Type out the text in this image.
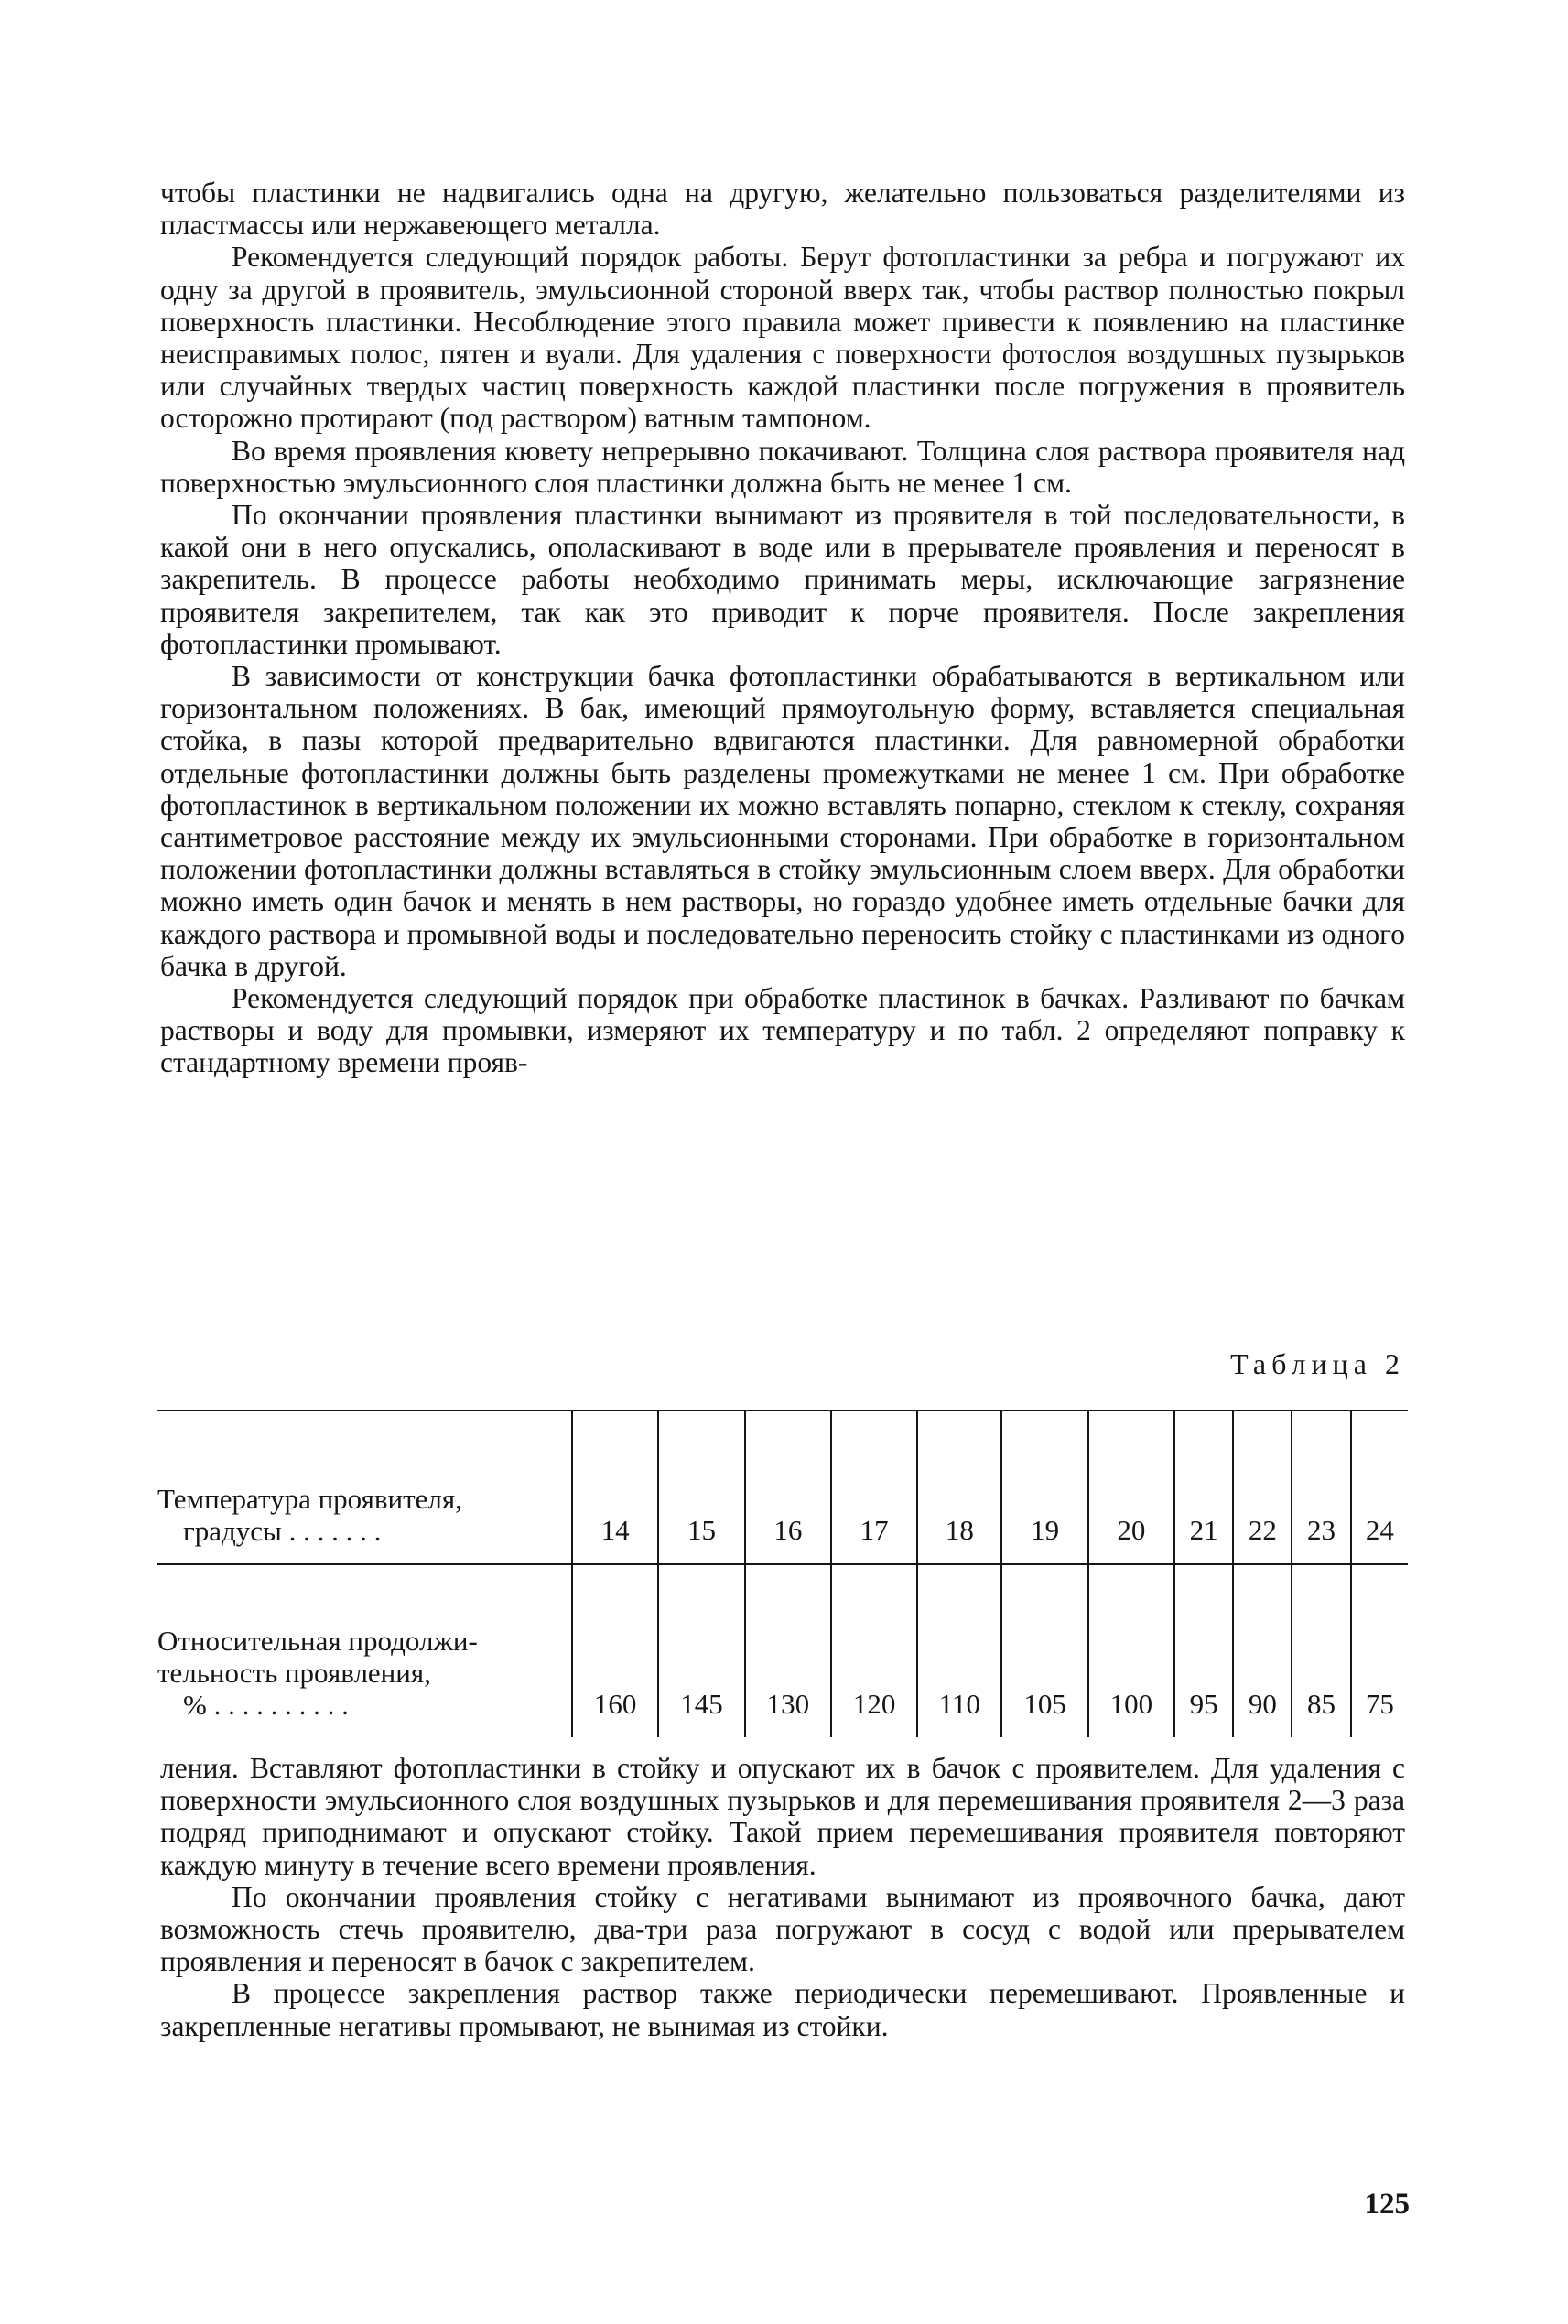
чтобы пластинки не надвигались одна на другую, желательно пользоваться разделителями из пластмассы или нержавеющего металла.

Рекомендуется следующий порядок работы. Берут фотопластинки за ребра и погружают их одну за другой в проявитель, эмульсионной стороной вверх так, чтобы раствор полностью покрыл поверхность пластинки. Несоблюдение этого правила может привести к появлению на пластинке неисправимых полос, пятен и вуали. Для удаления с поверхности фотослоя воздушных пузырьков или случайных твердых частиц поверхность каждой пластинки после погружения в проявитель осторожно протирают (под раствором) ватным тампоном.

Во время проявления кювету непрерывно покачивают. Толщина слоя раствора проявителя над поверхностью эмульсионного слоя пластинки должна быть не менее 1 см.

По окончании проявления пластинки вынимают из проявителя в той последовательности, в какой они в него опускались, ополаскивают в воде или в прерывателе проявления и переносят в закрепитель. В процессе работы необходимо принимать меры, исключающие загрязнение проявителя закрепителем, так как это приводит к порче проявителя. После закрепления фотопластинки промывают.

В зависимости от конструкции бачка фотопластинки обрабатываются в вертикальном или горизонтальном положениях. В бак, имеющий прямоугольную форму, вставляется специальная стойка, в пазы которой предварительно вдвигаются пластинки. Для равномерной обработки отдельные фотопластинки должны быть разделены промежутками не менее 1 см. При обработке фотопластинок в вертикальном положении их можно вставлять попарно, стеклом к стеклу, сохраняя сантиметровое расстояние между их эмульсионными сторонами. При обработке в горизонтальном положении фотопластинки должны вставляться в стойку эмульсионным слоем вверх. Для обработки можно иметь один бачок и менять в нем растворы, но гораздо удобнее иметь отдельные бачки для каждого раствора и промывной воды и последовательно переносить стойку с пластинками из одного бачка в другой.

Рекомендуется следующий порядок при обработке пластинок в бачках. Разливают по бачкам растворы и воду для промывки, измеряют их температуру и по табл. 2 определяют поправку к стандартному времени прояв-

Таблица 2
Температура проявителя,
градусы . . . . . . .	14	15	16	17	18	19	20	21	22	23	24

Относительная продолжи-
тельность проявления,
% . . . . . . . . . .	160	145	130	120	110	105	100	95	90	85	75

ления. Вставляют фотопластинки в стойку и опускают их в бачок с проявителем. Для удаления с поверхности эмульсионного слоя воздушных пузырьков и для перемешивания проявителя 2—3 раза подряд приподнимают и опускают стойку. Такой прием перемешивания проявителя повторяют каждую минуту в течение всего времени проявления.

По окончании проявления стойку с негативами вынимают из проявочного бачка, дают возможность стечь проявителю, два-три раза погружают в сосуд с водой или прерывателем проявления и переносят в бачок с закрепителем.

В процессе закрепления раствор также периодически перемешивают. Проявленные и закрепленные негативы промывают, не вынимая из стойки.

125
